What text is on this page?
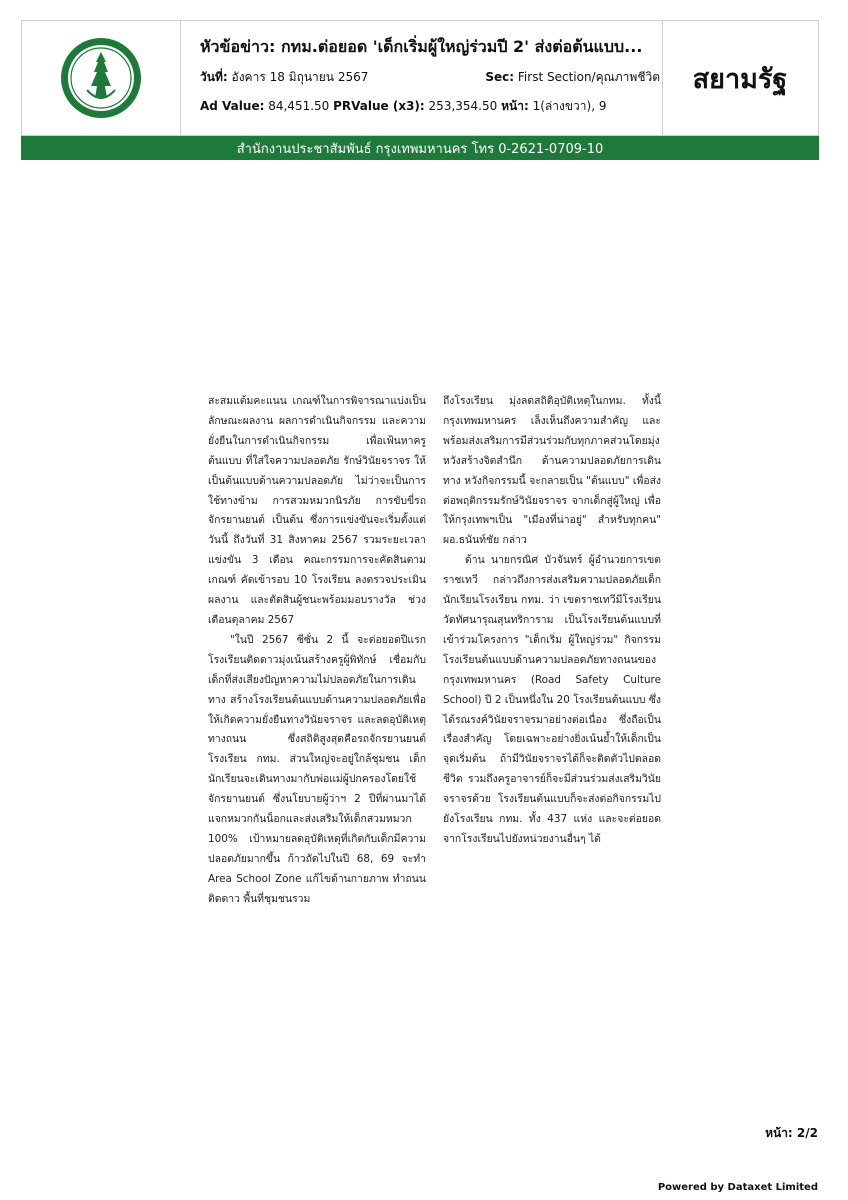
หัวข้อข่าว: กทม.ต่อยอด 'เด็กเริ่มผู้ใหญ่ร่วมปี 2' ส่งต่อต้นแบบ...
วันที่: อังคาร 18 มิถุนายน 2567	Sec: First Section/คุณภาพชีวิต
Ad Value: 84,451.50 PRValue (x3): 253,354.50 หน้า: 1(ล่างขวา), 9
สยามรัฐ
สำนักงานประชาสัมพันธ์ กรุงเทพมหานคร โทร 0-2621-0709-10

สะสมแต้มคะแนน เกณฑ์ในการพิจารณาแบ่งเป็นลักษณะผลงาน ผลการดำเนินกิจกรรม และความยั่งยืนในการดำเนินกิจกรรม เพื่อเฟ้นหาครูต้นแบบ ที่ใส่ใจความปลอดภัย รักษ์วินัยจราจร ให้เป็นต้นแบบด้านความปลอดภัย ไม่ว่าจะเป็นการใช้ทางข้าม การสวมหมวกนิรภัย การขับขี่รถจักรยานยนต์ เป็นต้น ซึ่งการแข่งขันจะเริ่มตั้งแต่วันนี้ ถึงวันที่ 31 สิงหาคม 2567 รวมระยะเวลาแข่งขัน 3 เดือน คณะกรรมการจะคัดสินตามเกณฑ์ คัดเข้ารอบ 10 โรงเรียน ลงตรวจประเมินผลงาน และตัดสินผู้ชนะพร้อมมอบรางวัล ช่วงเดือนตุลาคม 2567

"ในปี 2567 ซีซั่น 2 นี้ จะต่อยอดปีแรกโรงเรียนติดดาวมุ่งเน้นสร้างครูผู้พิทักษ์ เชื่อมกับเด็กที่ส่งเสียงปัญหาความไม่ปลอดภัยในการเดินทาง สร้างโรงเรียนต้นแบบด้านความปลอดภัยเพื่อให้เกิดความยั่งยืนทางวินัยจราจร และลดอุบัติเหตุทางถนน ซึ่งสถิติสูงสุดคือรถจักรยานยนต์ โรงเรียน กทม. ส่วนใหญ่จะอยู่ใกล้ชุมชน เด็กนักเรียนจะเดินทางมากับพ่อแม่ผู้ปกครองโดยใช้จักรยานยนต์ ซึ่งนโยบายผู้ว่าฯ 2 ปีที่ผ่านมาได้แจกหมวกกันน็อกและส่งเสริมให้เด็กสวมหมวก 100% เป้าหมายลดอุบัติเหตุที่เกิดกับเด็กมีความปลอดภัยมากขึ้น ก้าวถัดไปในปี 68, 69 จะทำ Area School Zone แก้ไขด้านกายภาพ ทำถนนติดดาว พื้นที่ชุมชนรวม

ถึงโรงเรียน มุ่งลดสถิติอุบัติเหตุในกทม. ทั้งนี้ กรุงเทพมหานคร เล็งเห็นถึงความสำคัญ และพร้อมส่งเสริมการมีส่วนร่วมกับทุกภาคส่วนโดยมุ่งหวังสร้างจิตสำนึก ด้านความปลอดภัยการเดินทาง หวังกิจกรรมนี้ จะกลายเป็น "ต้นแบบ" เพื่อส่งต่อพฤติกรรมรักษ์วินัยจราจร จากเด็กสู่ผู้ใหญ่ เพื่อให้กรุงเทพฯเป็น "เมืองที่น่าอยู่" สำหรับทุกคน" ผอ.ธนันท์ชัย กล่าว

ด้าน นายกรณิศ บัวจันทร์ ผู้อำนวยการเขตราชเทวี กล่าวถึงการส่งเสริมความปลอดภัยเด็กนักเรียนโรงเรียน กทม. ว่า เขตราชเทวีมีโรงเรียนวัดทัศนารุณสุนทริการาม เป็นโรงเรียนต้นแบบที่เข้าร่วมโครงการ "เด็กเริ่ม ผู้ใหญ่ร่วม" กิจกรรมโรงเรียนต้นแบบด้านความปลอดภัยทางถนนของกรุงเทพมหานคร (Road Safety Culture School) ปี 2 เป็นหนึ่งใน 20 โรงเรียนต้นแบบ ซึ่งได้รณรงค์วินัยจราจรมาอย่างต่อเนื่อง ซึ่งถือเป็นเรื่องสำคัญ โดยเฉพาะอย่างยิ่งเน้นย้ำให้เด็กเป็นจุดเริ่มต้น ถ้ามีวินัยจราจรได้ก็จะติดตัวไปตลอดชีวิต รวมถึงครูอาจารย์ก็จะมีส่วนร่วมส่งเสริมวินัยจราจรด้วย โรงเรียนต้นแบบก็จะส่งต่อกิจกรรมไปยังโรงเรียน กทม. ทั้ง 437 แห่ง และจะต่อยอดจากโรงเรียนไปยังหน่วยงานอื่นๆ ได้

หน้า: 2/2
Powered by Dataxet Limited
